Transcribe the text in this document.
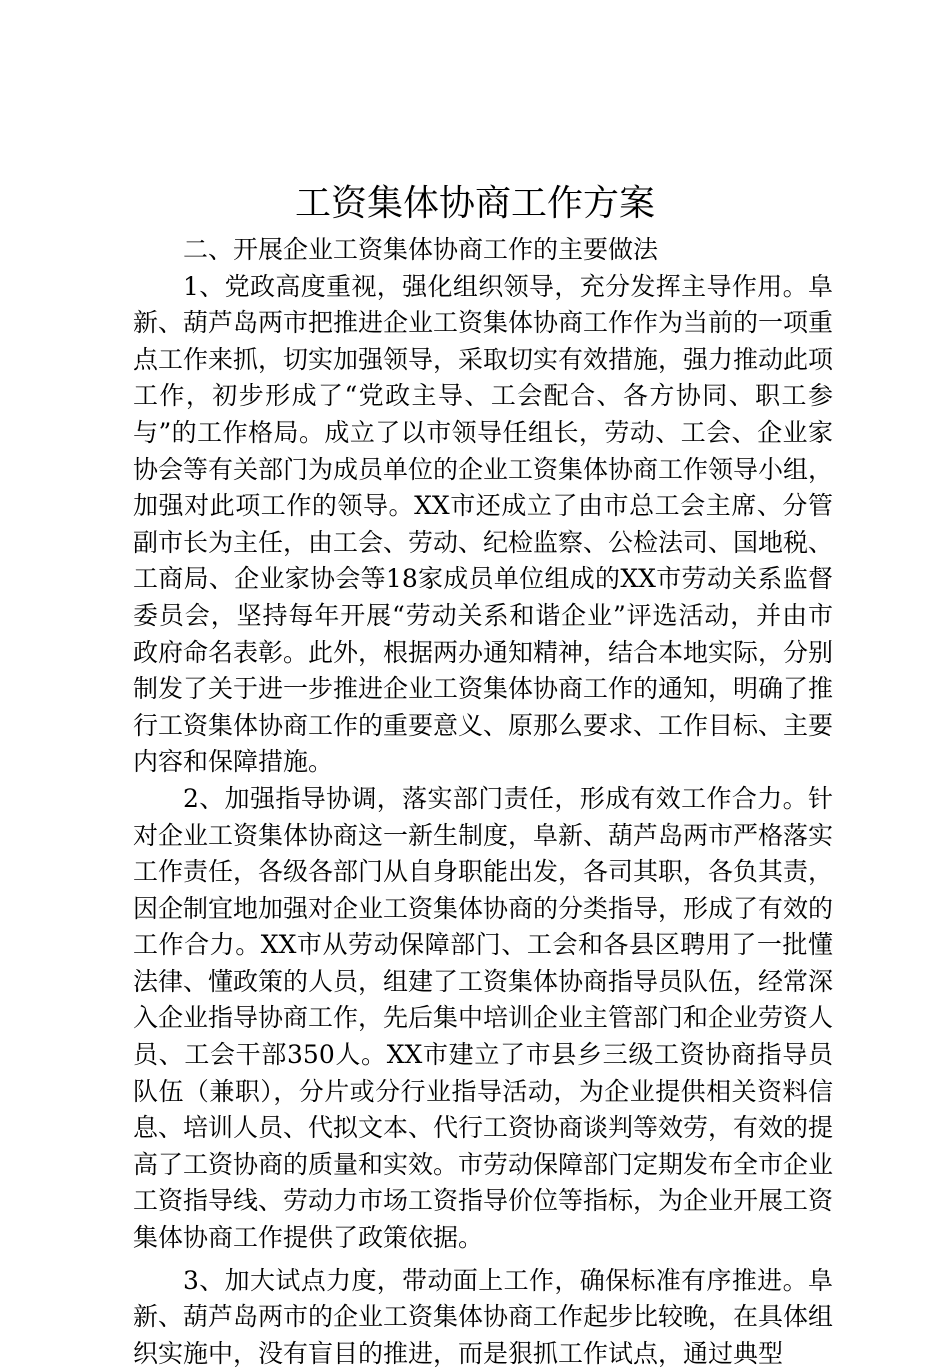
工资集体协商工作方案

二、开展企业工资集体协商工作的主要做法

1、党政高度重视，强化组织领导，充分发挥主导作用。阜新、葫芦岛两市把推进企业工资集体协商工作作为当前的一项重点工作来抓，切实加强领导，采取切实有效措施，强力推动此项工作，初步形成了“党政主导、工会配合、各方协同、职工参与”的工作格局。成立了以市领导任组长，劳动、工会、企业家协会等有关部门为成员单位的企业工资集体协商工作领导小组，加强对此项工作的领导。XX市还成立了由市总工会主席、分管副市长为主任，由工会、劳动、纪检监察、公检法司、国地税、工商局、企业家协会等18家成员单位组成的XX市劳动关系监督委员会，坚持每年开展“劳动关系和谐企业”评选活动，并由市政府命名表彰。此外，根据两办通知精神，结合本地实际，分别制发了关于进一步推进企业工资集体协商工作的通知，明确了推行工资集体协商工作的重要意义、原那么要求、工作目标、主要内容和保障措施。

2、加强指导协调，落实部门责任，形成有效工作合力。针对企业工资集体协商这一新生制度，阜新、葫芦岛两市严格落实工作责任，各级各部门从自身职能出发，各司其职，各负其责，因企制宜地加强对企业工资集体协商的分类指导，形成了有效的工作合力。XX市从劳动保障部门、工会和各县区聘用了一批懂法律、懂政策的人员，组建了工资集体协商指导员队伍，经常深入企业指导协商工作，先后集中培训企业主管部门和企业劳资人员、工会干部350人。XX市建立了市县乡三级工资协商指导员队伍（兼职），分片或分行业指导活动，为企业提供相关资料信息、培训人员、代拟文本、代行工资协商谈判等效劳，有效的提高了工资协商的质量和实效。市劳动保障部门定期发布全市企业工资指导线、劳动力市场工资指导价位等指标，为企业开展工资集体协商工作提供了政策依据。

3、加大试点力度，带动面上工作，确保标准有序推进。阜新、葫芦岛两市的企业工资集体协商工作起步比较晚，在具体组织实施中，没有盲目的推进，而是狠抓工作试点，通过典型
